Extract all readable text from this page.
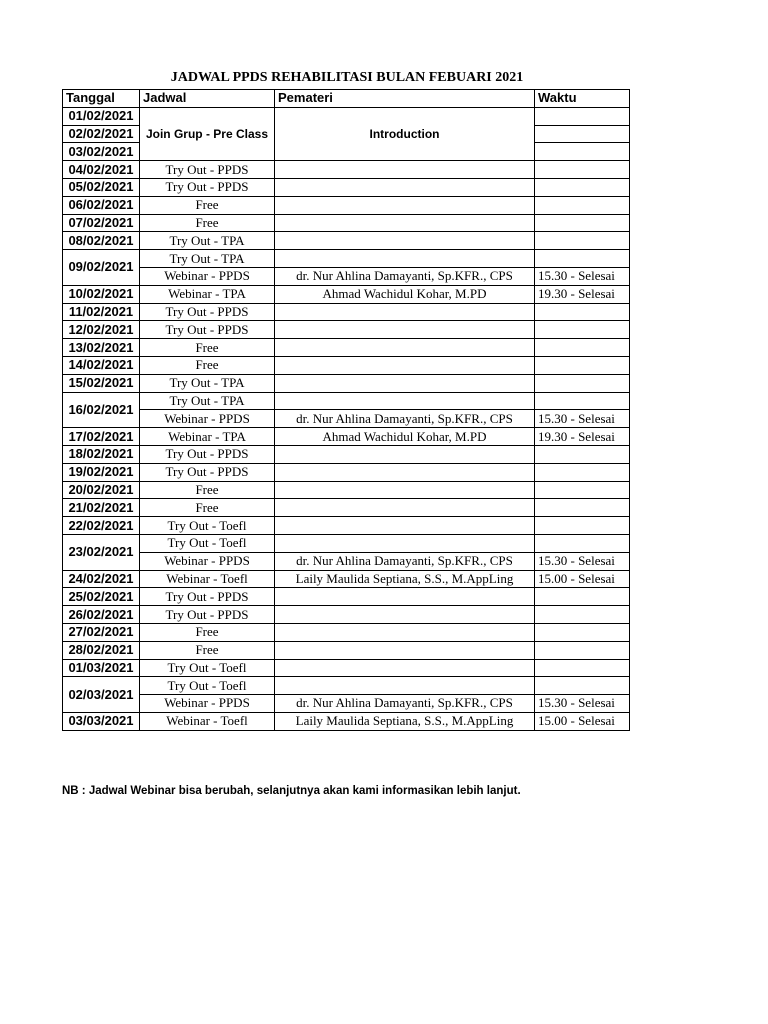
JADWAL PPDS REHABILITASI BULAN FEBUARI 2021
Tanggal	Jadwal	Pemateri	Waktu
01/02/2021	Join Grup - Pre Class	Introduction	
02/02/2021			
03/02/2021			
04/02/2021	Try Out - PPDS		
05/02/2021	Try Out - PPDS		
06/02/2021	Free		
07/02/2021	Free		
08/02/2021	Try Out - TPA		
09/02/2021	Try Out - TPA		
	Webinar - PPDS	dr. Nur Ahlina Damayanti, Sp.KFR., CPS	15.30 - Selesai
10/02/2021	Webinar - TPA	Ahmad Wachidul Kohar, M.PD	19.30 - Selesai
11/02/2021	Try Out - PPDS		
12/02/2021	Try Out - PPDS		
13/02/2021	Free		
14/02/2021	Free		
15/02/2021	Try Out - TPA		
16/02/2021	Try Out - TPA		
	Webinar - PPDS	dr. Nur Ahlina Damayanti, Sp.KFR., CPS	15.30 - Selesai
17/02/2021	Webinar - TPA	Ahmad Wachidul Kohar, M.PD	19.30 - Selesai
18/02/2021	Try Out - PPDS		
19/02/2021	Try Out - PPDS		
20/02/2021	Free		
21/02/2021	Free		
22/02/2021	Try Out - Toefl		
23/02/2021	Try Out - Toefl		
	Webinar - PPDS	dr. Nur Ahlina Damayanti, Sp.KFR., CPS	15.30 - Selesai
24/02/2021	Webinar - Toefl	Laily Maulida Septiana, S.S., M.AppLing	15.00 - Selesai
25/02/2021	Try Out - PPDS		
26/02/2021	Try Out - PPDS		
27/02/2021	Free		
28/02/2021	Free		
01/03/2021	Try Out - Toefl		
02/03/2021	Try Out - Toefl		
	Webinar - PPDS	dr. Nur Ahlina Damayanti, Sp.KFR., CPS	15.30 - Selesai
03/03/2021	Webinar - Toefl	Laily Maulida Septiana, S.S., M.AppLing	15.00 - Selesai
NB : Jadwal Webinar bisa berubah, selanjutnya akan kami informasikan lebih lanjut.
